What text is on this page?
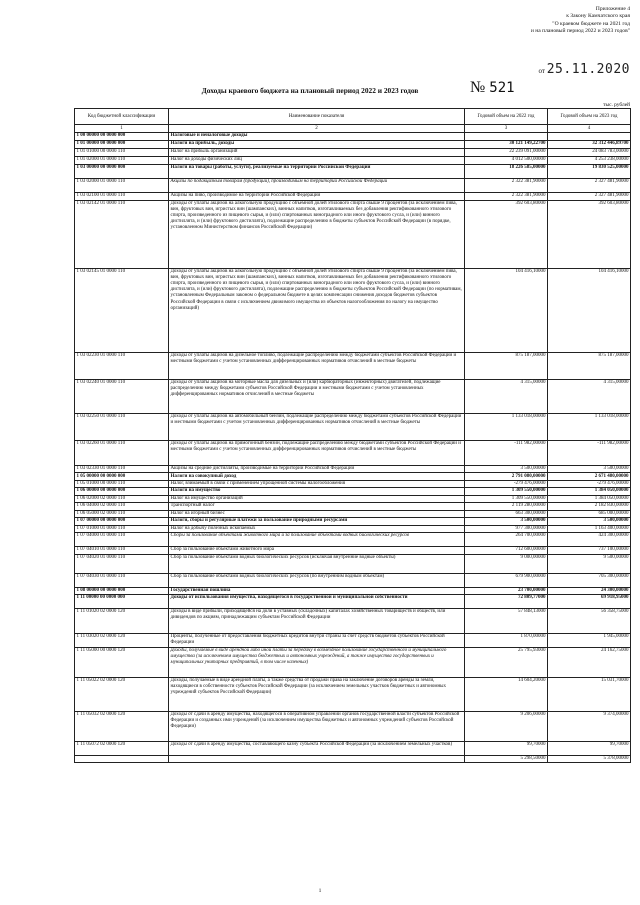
Приложение 4
к Закону Камчатского края
"О краевом бюджете на 2021 год
и на плановый период 2022 и 2023 годов"
от 25.11.2020
№ 521
Доходы краевого бюджета на плановый период 2022 и 2023 годов
тыс. рублей
Код бюджетной классификации	Наименование показателя	Годовой объем на 2022 год	Годовой объем на 2023 год
1	2	3	4
1 00 00000 00 0000 000	Налоговые и неналоговые доходы		
1 01 00000 00 0000 000	Налоги на прибыль, доходы	30 121 149,22700	32 312 446,89700
1 01 01000 00 0000 110	Налог на прибыль организаций	22 239 091,00000	24 083 783,00000
1 01 02000 01 0000 110	Налог на доходы физических лиц	4 012 500,00000	4 253 238,00000
1 03 00000 00 0000 000	Налоги на товары (работы, услуги), реализуемые на территории Российской Федерации	18 226 585,00000	19 830 525,00000
1 03 02000 01 0000 110	Акцизы по подакцизным товарам (продукции), производимым на территории Российской Федерации	2 322 381,90000	2 327 481,90000
1 03 02100 01 0000 110	Акцизы на пиво, производимое на территории Российской Федерации	2 322 381,90000	2 327 481,90000
1 03 02142 01 0000 110	Доходы от уплаты акцизов на алкогольную продукцию с объемной долей этилового спирта свыше 9 процентов (за исключением пива, вин, фруктовых вин, игристых вин (шампанских), винных напитков, изготавливаемых без добавления ректификованного этилового спирта, произведенного из пищевого сырья, и (или) спиртованных виноградного или иного фруктового сусла, и (или) винного дистиллята, и (или) фруктового дистиллята), подлежащие распределению в бюджеты субъектов Российской Федерации (в порядке, установленном Министерством финансов Российской Федерации)	392 603,80000	392 603,80000
1 03 02145 01 0000 110	Доходы от уплаты акцизов на алкогольную продукцию с объемной долей этилового спирта свыше 9 процентов (за исключением пива, вин, фруктовых вин, игристых вин (шампанских), винных напитков, изготавливаемых без добавления ректификованного этилового спирта, произведенного из пищевого сырья, и (или) спиртованных виноградного или иного фруктового сусла, и (или) винного дистиллята, и (или) фруктового дистиллята), подлежащие распределению в бюджеты субъектов Российской Федерации (по нормативам, установленным Федеральным законом о федеральном бюджете в целях компенсации снижения доходов бюджетов субъектов Российской Федерации в связи с исключением движимого имущества из объектов налогообложения по налогу на имущество организаций)	104 416,10000	104 416,10000
1 03 02230 01 0000 110	Доходы от уплаты акцизов на дизельное топливо, подлежащие распределению между бюджетами субъектов Российской Федерации и местными бюджетами с учетом установленных дифференцированных нормативов отчислений в местные бюджеты	875 187,00000	875 187,00000
1 03 02240 01 0000 110	Доходы от уплаты акцизов на моторные масла для дизельных и (или) карбюраторных (инжекторных) двигателей, подлежащие распределению между бюджетами субъектов Российской Федерации и местными бюджетами с учетом установленных дифференцированных нормативов отчислений в местные бюджеты	4 315,00000	4 315,00000
1 03 02250 01 0000 110	Доходы от уплаты акцизов на автомобильный бензин, подлежащие распределению между бюджетами субъектов Российской Федерации и местными бюджетами с учетом установленных дифференцированных нормативов отчислений в местные бюджеты	1 133 018,00000	1 133 018,00000
1 03 02260 01 0000 110	Доходы от уплаты акцизов на прямогонный бензин, подлежащие распределению между бюджетами субъектов Российской Федерации и местными бюджетами с учетом установленных дифференцированных нормативов отчислений в местные бюджеты	-111 982,00000	-111 982,00000
1 03 02330 01 0000 110	Акцизы на средние дистилляты, производимые на территории Российской Федерации	3 500,00000	3 500,00000
1 05 00000 00 0000 000	Налоги на совокупный доход	2 791 080,00000	2 671 480,00000
1 05 01000 00 0000 110	Налог, взимаемый в связи с применением упрощенной системы налогообложения	-279 476,00000	-279 476,00000
1 06 00000 00 0000 000	Налоги на имущество	1 309 550,00000	1 384 050,00000
1 06 02000 02 0000 110	Налог на имущество организаций	1 309 550,00000	1 384 050,00000
1 06 04000 02 0000 110	Транспортный налог	2 119 280,00000	2 182 830,00000
1 06 05000 02 0000 110	Налог на игорный бизнес	663 300,00000	685 000,00000
1 07 00000 00 0000 000	Налоги, сборы и регулярные платежи за пользование природными ресурсами	3 500,00000	3 500,00000
1 07 01000 01 0000 110	Налог на добычу полезных ископаемых	977 300,00000	1 163 400,00000
1 07 04000 01 0000 110	Сборы за пользование объектами животного мира и за пользование объектами водных биологических ресурсов	264 700,00000	424 300,00000
1 07 04010 01 0000 110	Сбор за пользование объектами животного мира	712 600,00000	737 100,00000
1 07 04020 01 0000 110	Сбор за пользование объектами водных биологических ресурсов (исключая внутренние водные объекты)	9 000,00000	9 500,00000
1 07 04030 01 0000 110	Сбор за пользование объектами водных биологических ресурсов (по внутренним водным объектам)	679 900,00000	705 300,00000
1 08 00000 00 0000 000	Государственная пошлина	23 700,00000	24 300,00000
1 11 00000 00 0000 000	Доходы от использования имущества, находящегося в государственной и муниципальной собственности	72 809,77000	69 918,95000
1 11 01020 02 0000 120	Доходы в виде прибыли, приходящейся на доли в уставных (складочных) капиталах хозяйственных товариществ и обществ, или дивидендов по акциям, принадлежащим субъектам Российской Федерации	57 848,13000	56 358,75000
1 11 03020 02 0000 120	Проценты, полученные от предоставления бюджетных кредитов внутри страны за счет средств бюджетов субъектов Российской Федерации	1 870,00000	1 945,00000
1 11 05000 00 0000 120	Доходы, получаемые в виде арендной либо иной платы за передачу в возмездное пользование государственного и муниципального имущества (за исключением имущества бюджетных и автономных учреждений, а также имущества государственных и муниципальных унитарных предприятий, в том числе казенных)	25 795,93000	24 162,75000
1 11 05022 02 0000 120	Доходы, получаемые в виде арендной платы, а также средства от продажи права на заключение договоров аренды за земли, находящиеся в собственности субъектов Российской Федерации (за исключением земельных участков бюджетных и автономных учреждений субъектов Российской Федерации)	14 604,20000	15 031,70000
1 11 05032 02 0000 120	Доходы от сдачи в аренду имущества, находящегося в оперативном управлении органов государственной власти субъектов Российской Федерации и созданных ими учреждений (за исключением имущества бюджетных и автономных учреждений субъектов Российской Федерации)	9 206,00000	9 374,00000
1 11 05072 02 0000 120	Доходы от сдачи в аренду имущества, составляющего казну субъекта Российской Федерации (за исключением земельных участков)	99,70000	99,70000
		5 298,50000	5 378,00000
1
